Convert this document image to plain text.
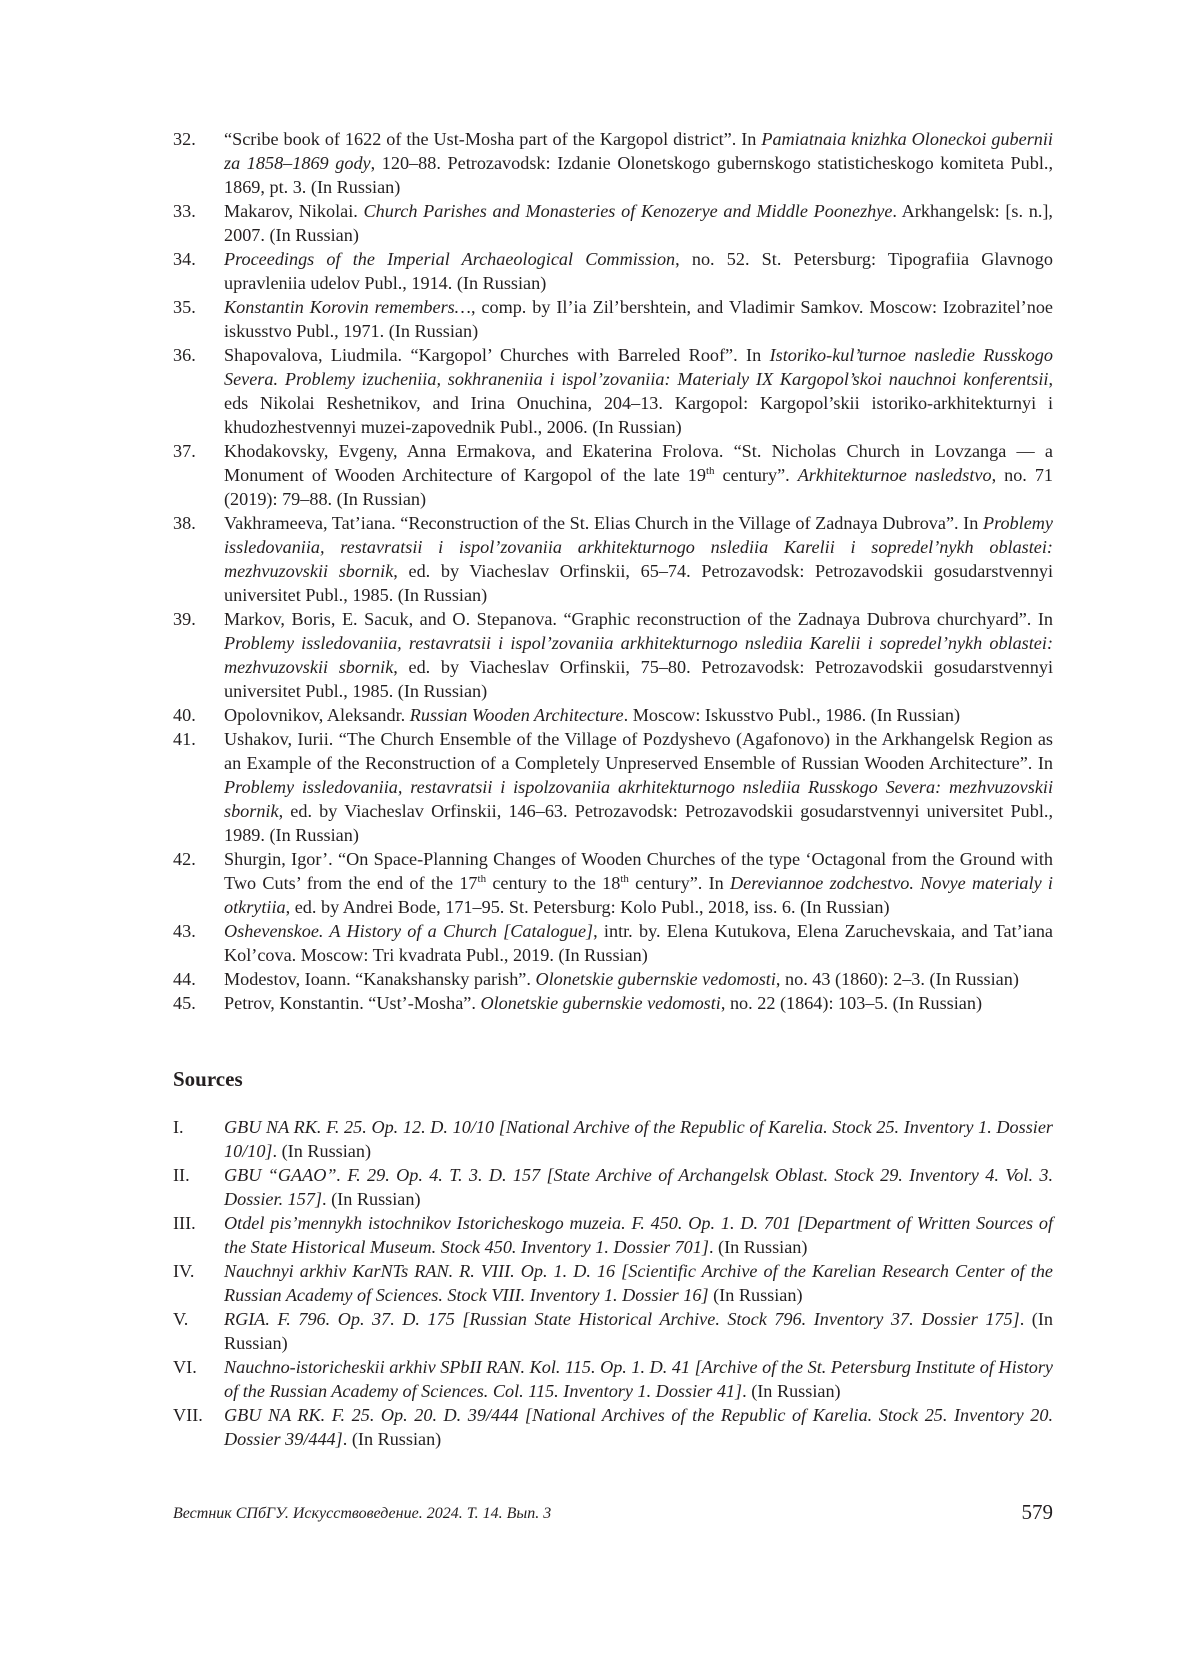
32. “Scribe book of 1622 of the Ust-Mosha part of the Kargopol district”. In Pamiatnaia knizhka Oloneckoi gubernii za 1858–1869 gody, 120–88. Petrozavodsk: Izdanie Olonetskogo gubernskogo statisticheskogo komiteta Publ., 1869, pt. 3. (In Russian)
33. Makarov, Nikolai. Church Parishes and Monasteries of Kenozerye and Middle Poonezhye. Arkhangelsk: [s. n.], 2007. (In Russian)
34. Proceedings of the Imperial Archaeological Commission, no. 52. St. Petersburg: Tipografiia Glavnogo upravleniia udelov Publ., 1914. (In Russian)
35. Konstantin Korovin remembers…, comp. by Il’ia Zil’bershtein, and Vladimir Samkov. Moscow: Izobrazitel’noe iskusstvo Publ., 1971. (In Russian)
36. Shapovalova, Liudmila. “Kargopol’ Churches with Barreled Roof”. In Istoriko-kul’turnoe nasledie Russkogo Severa. Problemy izucheniia, sokhraneniia i ispol’zovaniia: Materialy IX Kargopol’skoi nauchnoi konferentsii, eds Nikolai Reshetnikov, and Irina Onuchina, 204–13. Kargopol: Kargopol’skii istoriko-arkhitekturnyi i khudozhestvennyi muzei-zapovednik Publ., 2006. (In Russian)
37. Khodakovsky, Evgeny, Anna Ermakova, and Ekaterina Frolova. “St. Nicholas Church in Lovzanga — a Monument of Wooden Architecture of Kargopol of the late 19th century”. Arkhitekturnoe nasledstvo, no. 71 (2019): 79–88. (In Russian)
38. Vakhrameeva, Tat’iana. “Reconstruction of the St. Elias Church in the Village of Zadnaya Dubrova”. In Problemy issledovaniia, restavratsii i ispol’zovaniia arkhitekturnogo nslediia Karelii i sopredel’nykh oblastei: mezhvuzovskii sbornik, ed. by Viacheslav Orfinskii, 65–74. Petrozavodsk: Petrozavodskii gosudarstvennyi universitet Publ., 1985. (In Russian)
39. Markov, Boris, E. Sacuk, and O. Stepanova. “Graphic reconstruction of the Zadnaya Dubrova churchyard”. In Problemy issledovaniia, restavratsii i ispol’zovaniia arkhitekturnogo nslediia Karelii i sopredel’nykh oblastei: mezhvuzovskii sbornik, ed. by Viacheslav Orfinskii, 75–80. Petrozavodsk: Petrozavodskii gosudarstvennyi universitet Publ., 1985. (In Russian)
40. Opolovnikov, Aleksandr. Russian Wooden Architecture. Moscow: Iskusstvo Publ., 1986. (In Russian)
41. Ushakov, Iurii. “The Church Ensemble of the Village of Pozdyshevo (Agafonovo) in the Arkhangelsk Region as an Example of the Reconstruction of a Completely Unpreserved Ensemble of Russian Wooden Architecture”. In Problemy issledovaniia, restavratsii i ispolzovaniia akrhitekturnogo nslediia Russkogo Severa: mezhvuzovskii sbornik, ed. by Viacheslav Orfinskii, 146–63. Petrozavodsk: Petrozavodskii gosudarstvennyi universitet Publ., 1989. (In Russian)
42. Shurgin, Igor’. “On Space-Planning Changes of Wooden Churches of the type ‘Octagonal from the Ground with Two Cuts’ from the end of the 17th century to the 18th century”. In Dereviannoe zodchestvo. Novye materialy i otkrytiia, ed. by Andrei Bode, 171–95. St. Petersburg: Kolo Publ., 2018, iss. 6. (In Russian)
43. Oshevenskoe. A History of a Church [Catalogue], intr. by. Elena Kutukova, Elena Zaruchevskaia, and Tat’iana Kol’cova. Moscow: Tri kvadrata Publ., 2019. (In Russian)
44. Modestov, Ioann. “Kanakshansky parish”. Olonetskie gubernskie vedomosti, no. 43 (1860): 2–3. (In Russian)
45. Petrov, Konstantin. “Ust’-Mosha”. Olonetskie gubernskie vedomosti, no. 22 (1864): 103–5. (In Russian)
Sources
I. GBU NA RK. F. 25. Op. 12. D. 10/10 [National Archive of the Republic of Karelia. Stock 25. Inventory 1. Dossier 10/10]. (In Russian)
II. GBU “GAAO”. F. 29. Op. 4. T. 3. D. 157 [State Archive of Archangelsk Oblast. Stock 29. Inventory 4. Vol. 3. Dossier. 157]. (In Russian)
III. Otdel pis’mennykh istochnikov Istoricheskogo muzeia. F. 450. Op. 1. D. 701 [Department of Written Sources of the State Historical Museum. Stock 450. Inventory 1. Dossier 701]. (In Russian)
IV. Nauchnyi arkhiv KarNTs RAN. R. VIII. Op. 1. D. 16 [Scientific Archive of the Karelian Research Center of the Russian Academy of Sciences. Stock VIII. Inventory 1. Dossier 16] (In Russian)
V. RGIA. F. 796. Op. 37. D. 175 [Russian State Historical Archive. Stock 796. Inventory 37. Dossier 175]. (In Russian)
VI. Nauchno-istoricheskii arkhiv SPbII RAN. Kol. 115. Op. 1. D. 41 [Archive of the St. Petersburg Institute of History of the Russian Academy of Sciences. Col. 115. Inventory 1. Dossier 41]. (In Russian)
VII. GBU NA RK. F. 25. Op. 20. D. 39/444 [National Archives of the Republic of Karelia. Stock 25. Inventory 20. Dossier 39/444]. (In Russian)
Вестник СПбГУ. Искусствоведение. 2024. Т. 14. Вып. 3	579
